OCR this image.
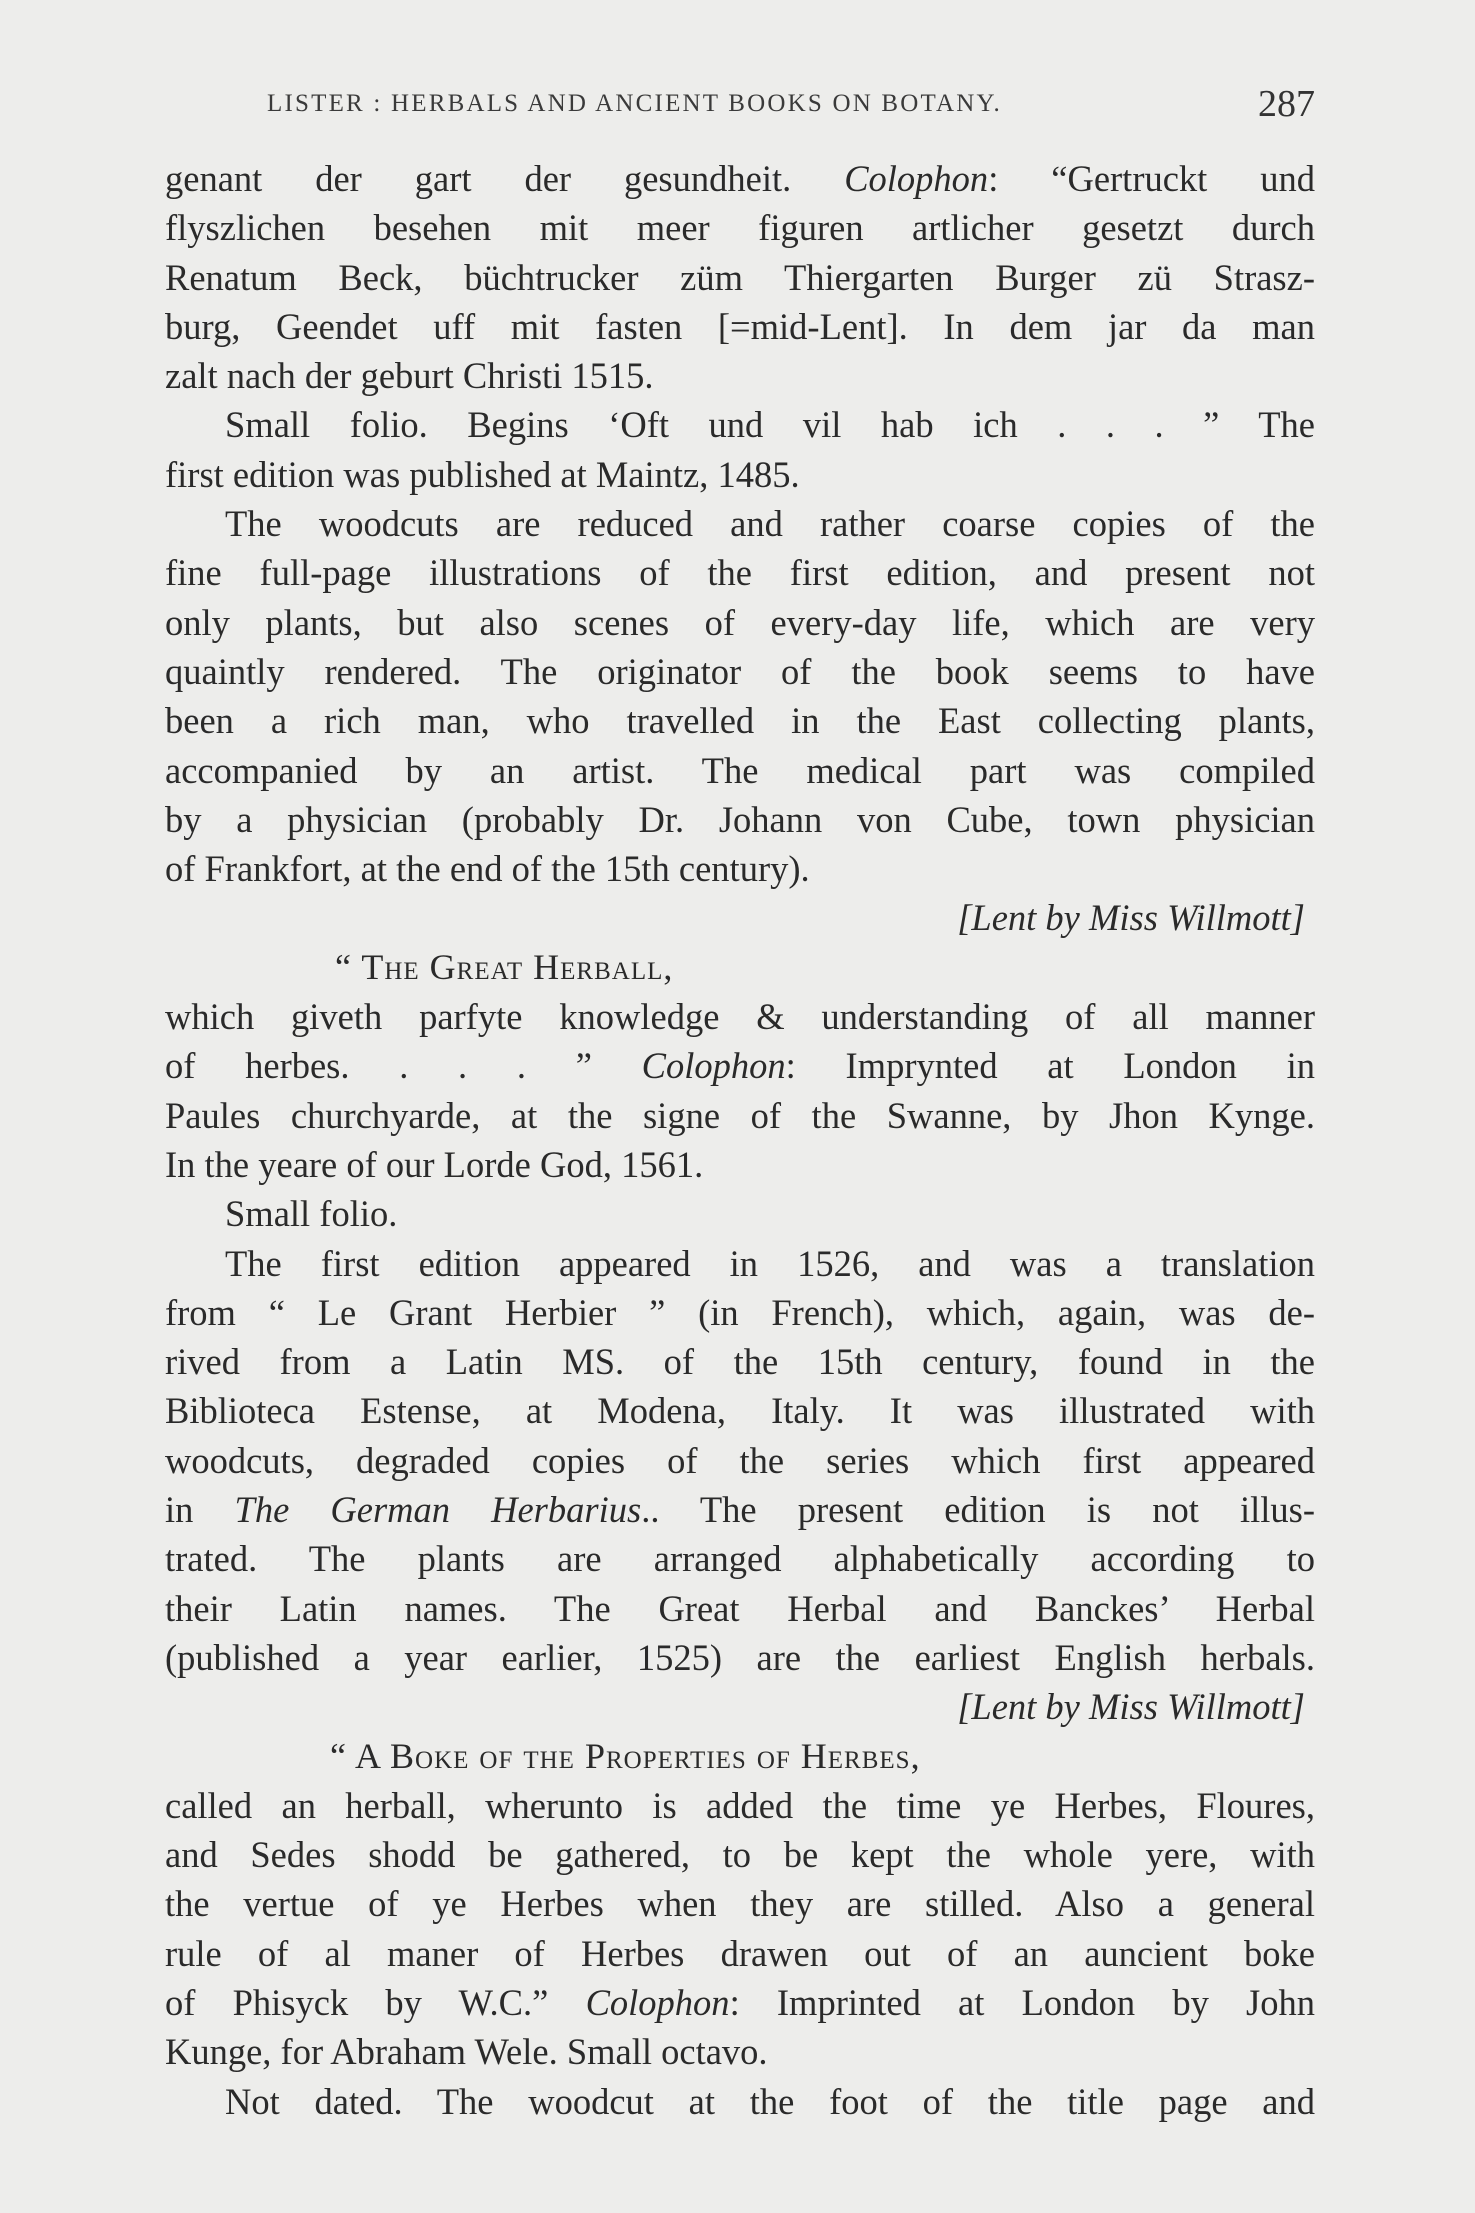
LISTER : HERBALS AND ANCIENT BOOKS ON BOTANY.	287
genant der gart der gesundheit. Colophon: “Gertruckt und
flyszlichen besehen mit meer figuren artlicher gesetzt durch
Renatum Beck, büchtrucker züm Thiergarten Burger zü Strasz-
burg, Geendet uff mit fasten [=mid-Lent]. In dem jar da man
zalt nach der geburt Christi 1515.
Small folio. Begins ‘Oft und vil hab ich . . . ” The
first edition was published at Maintz, 1485.
The woodcuts are reduced and rather coarse copies of the
fine full-page illustrations of the first edition, and present not
only plants, but also scenes of every-day life, which are very
quaintly rendered. The originator of the book seems to have
been a rich man, who travelled in the East collecting plants,
accompanied by an artist. The medical part was compiled
by a physician (probably Dr. Johann von Cube, town physician
of Frankfort, at the end of the 15th century).
[Lent by Miss Willmott]
“ The Great Herball,
which giveth parfyte knowledge & understanding of all manner
of herbes. . . . ” Colophon: Imprynted at London in
Paules churchyarde, at the signe of the Swanne, by Jhon Kynge.
In the yeare of our Lorde God, 1561.
Small folio.
The first edition appeared in 1526, and was a translation
from “ Le Grant Herbier ” (in French), which, again, was de-
rived from a Latin MS. of the 15th century, found in the
Biblioteca Estense, at Modena, Italy. It was illustrated with
woodcuts, degraded copies of the series which first appeared
in The German Herbarius.. The present edition is not illus-
trated. The plants are arranged alphabetically according to
their Latin names. The Great Herbal and Banckes’ Herbal
(published a year earlier, 1525) are the earliest English herbals.
[Lent by Miss Willmott]
“ A Boke of the Properties of Herbes,
called an herball, wherunto is added the time ye Herbes, Floures,
and Sedes shodd be gathered, to be kept the whole yere, with
the vertue of ye Herbes when they are stilled. Also a general
rule of al maner of Herbes drawen out of an auncient boke
of Phisyck by W.C.” Colophon: Imprinted at London by John
Kunge, for Abraham Wele. Small octavo.
Not dated. The woodcut at the foot of the title page and
